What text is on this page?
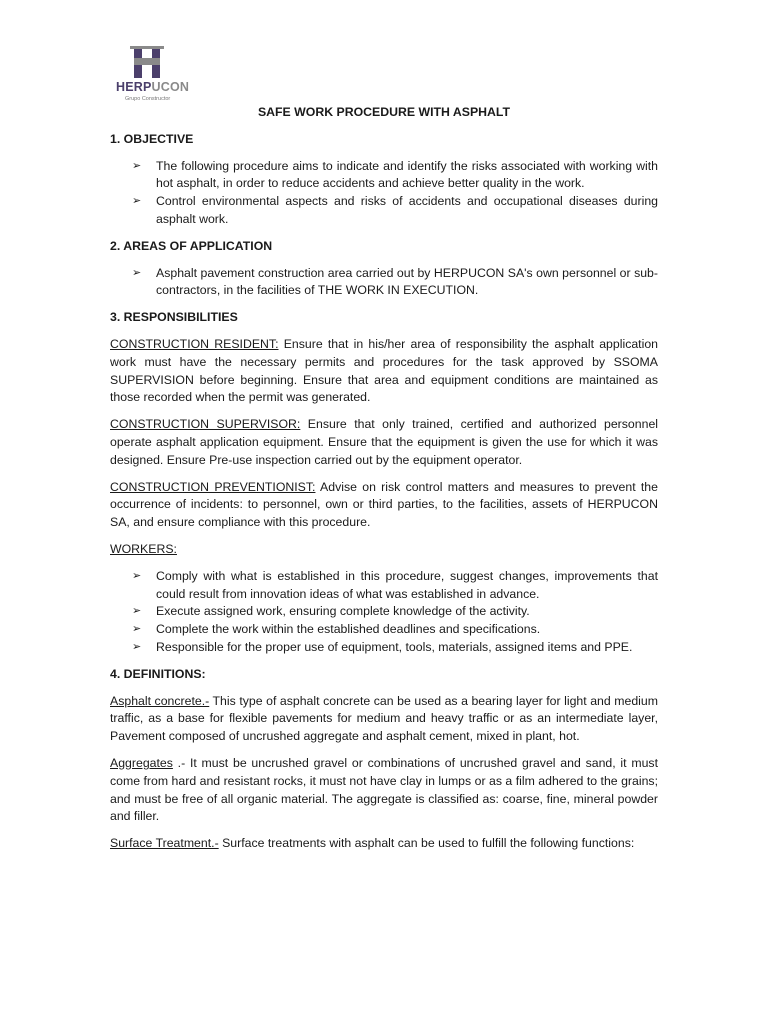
HERPUCON
Grupo Constructor
SAFE WORK PROCEDURE WITH ASPHALT
1. OBJECTIVE
➢ The following procedure aims to indicate and identify the risks associated with working with hot asphalt, in order to reduce accidents and achieve better quality in the work.
➢ Control environmental aspects and risks of accidents and occupational diseases during asphalt work.
2. AREAS OF APPLICATION
➢ Asphalt pavement construction area carried out by HERPUCON SA's own personnel or sub-contractors, in the facilities of THE WORK IN EXECUTION.
3. RESPONSIBILITIES

CONSTRUCTION RESIDENT: Ensure that in his/her area of responsibility the asphalt application work must have the necessary permits and procedures for the task approved by SSOMA SUPERVISION before beginning. Ensure that area and equipment conditions are maintained as those recorded when the permit was generated.

CONSTRUCTION SUPERVISOR: Ensure that only trained, certified and authorized personnel operate asphalt application equipment. Ensure that the equipment is given the use for which it was designed. Ensure Pre-use inspection carried out by the equipment operator.

CONSTRUCTION PREVENTIONIST: Advise on risk control matters and measures to prevent the occurrence of incidents: to personnel, own or third parties, to the facilities, assets of HERPUCON SA, and ensure compliance with this procedure.

WORKERS:

➢ Comply with what is established in this procedure, suggest changes, improvements that could result from innovation ideas of what was established in advance.
➢ Execute assigned work, ensuring complete knowledge of the activity.
➢ Complete the work within the established deadlines and specifications.
➢ Responsible for the proper use of equipment, tools, materials, assigned items and PPE.
4. DEFINITIONS:

Asphalt concrete.- This type of asphalt concrete can be used as a bearing layer for light and medium traffic, as a base for flexible pavements for medium and heavy traffic or as an intermediate layer, Pavement composed of uncrushed aggregate and asphalt cement, mixed in plant, hot.

Aggregates .- It must be uncrushed gravel or combinations of uncrushed gravel and sand, it must come from hard and resistant rocks, it must not have clay in lumps or as a film adhered to the grains; and must be free of all organic material. The aggregate is classified as: coarse, fine, mineral powder and filler.

Surface Treatment.- Surface treatments with asphalt can be used to fulfill the following functions:
